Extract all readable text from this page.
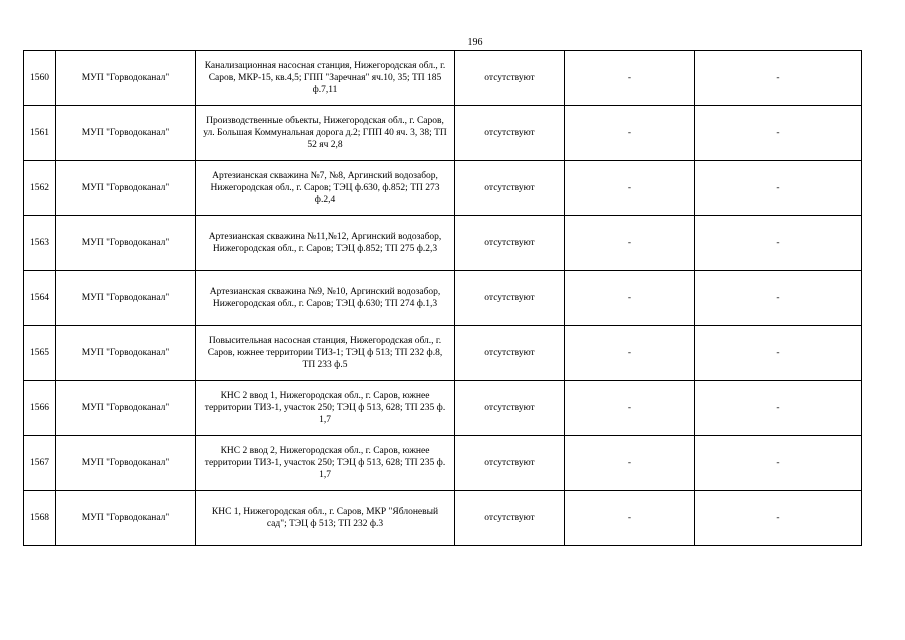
196
1560	МУП "Горводоканал"	Канализационная насосная станция, Нижегородская обл., г. Саров, МКР-15, кв.4,5; ГПП "Заречная" яч.10, 35; ТП 185 ф.7,11	отсутствуют	-	-
1561	МУП "Горводоканал"	Производственные объекты, Нижегородская обл., г. Саров, ул. Большая Коммунальная дорога д.2; ГПП 40 яч. 3, 38; ТП 52 яч 2,8	отсутствуют	-	-
1562	МУП "Горводоканал"	Артезианская скважина №7, №8, Аргинский водозабор, Нижегородская обл., г. Саров; ТЭЦ ф.630, ф.852; ТП 273 ф.2,4	отсутствуют	-	-
1563	МУП "Горводоканал"	Артезианская скважина №11,№12, Аргинский водозабор, Нижегородская обл., г. Саров; ТЭЦ ф.852; ТП 275 ф.2,3	отсутствуют	-	-
1564	МУП "Горводоканал"	Артезианская скважина №9, №10, Аргинский водозабор, Нижегородская обл., г. Саров; ТЭЦ ф.630; ТП 274 ф.1,3	отсутствуют	-	-
1565	МУП "Горводоканал"	Повысительная насосная станция, Нижегородская обл., г. Саров, южнее территории ТИЗ-1; ТЭЦ ф 513; ТП 232 ф.8, ТП 233 ф.5	отсутствуют	-	-
1566	МУП "Горводоканал"	КНС 2 ввод 1, Нижегородская обл., г. Саров, южнее территории ТИЗ-1, участок 250; ТЭЦ ф 513, 628; ТП 235 ф. 1,7	отсутствуют	-	-
1567	МУП "Горводоканал"	КНС 2 ввод 2, Нижегородская обл., г. Саров, южнее территории ТИЗ-1, участок 250; ТЭЦ ф 513, 628; ТП 235 ф. 1,7	отсутствуют	-	-
1568	МУП "Горводоканал"	КНС 1, Нижегородская обл., г. Саров, МКР "Яблоневый сад"; ТЭЦ ф 513; ТП 232 ф.3	отсутствуют	-	-
